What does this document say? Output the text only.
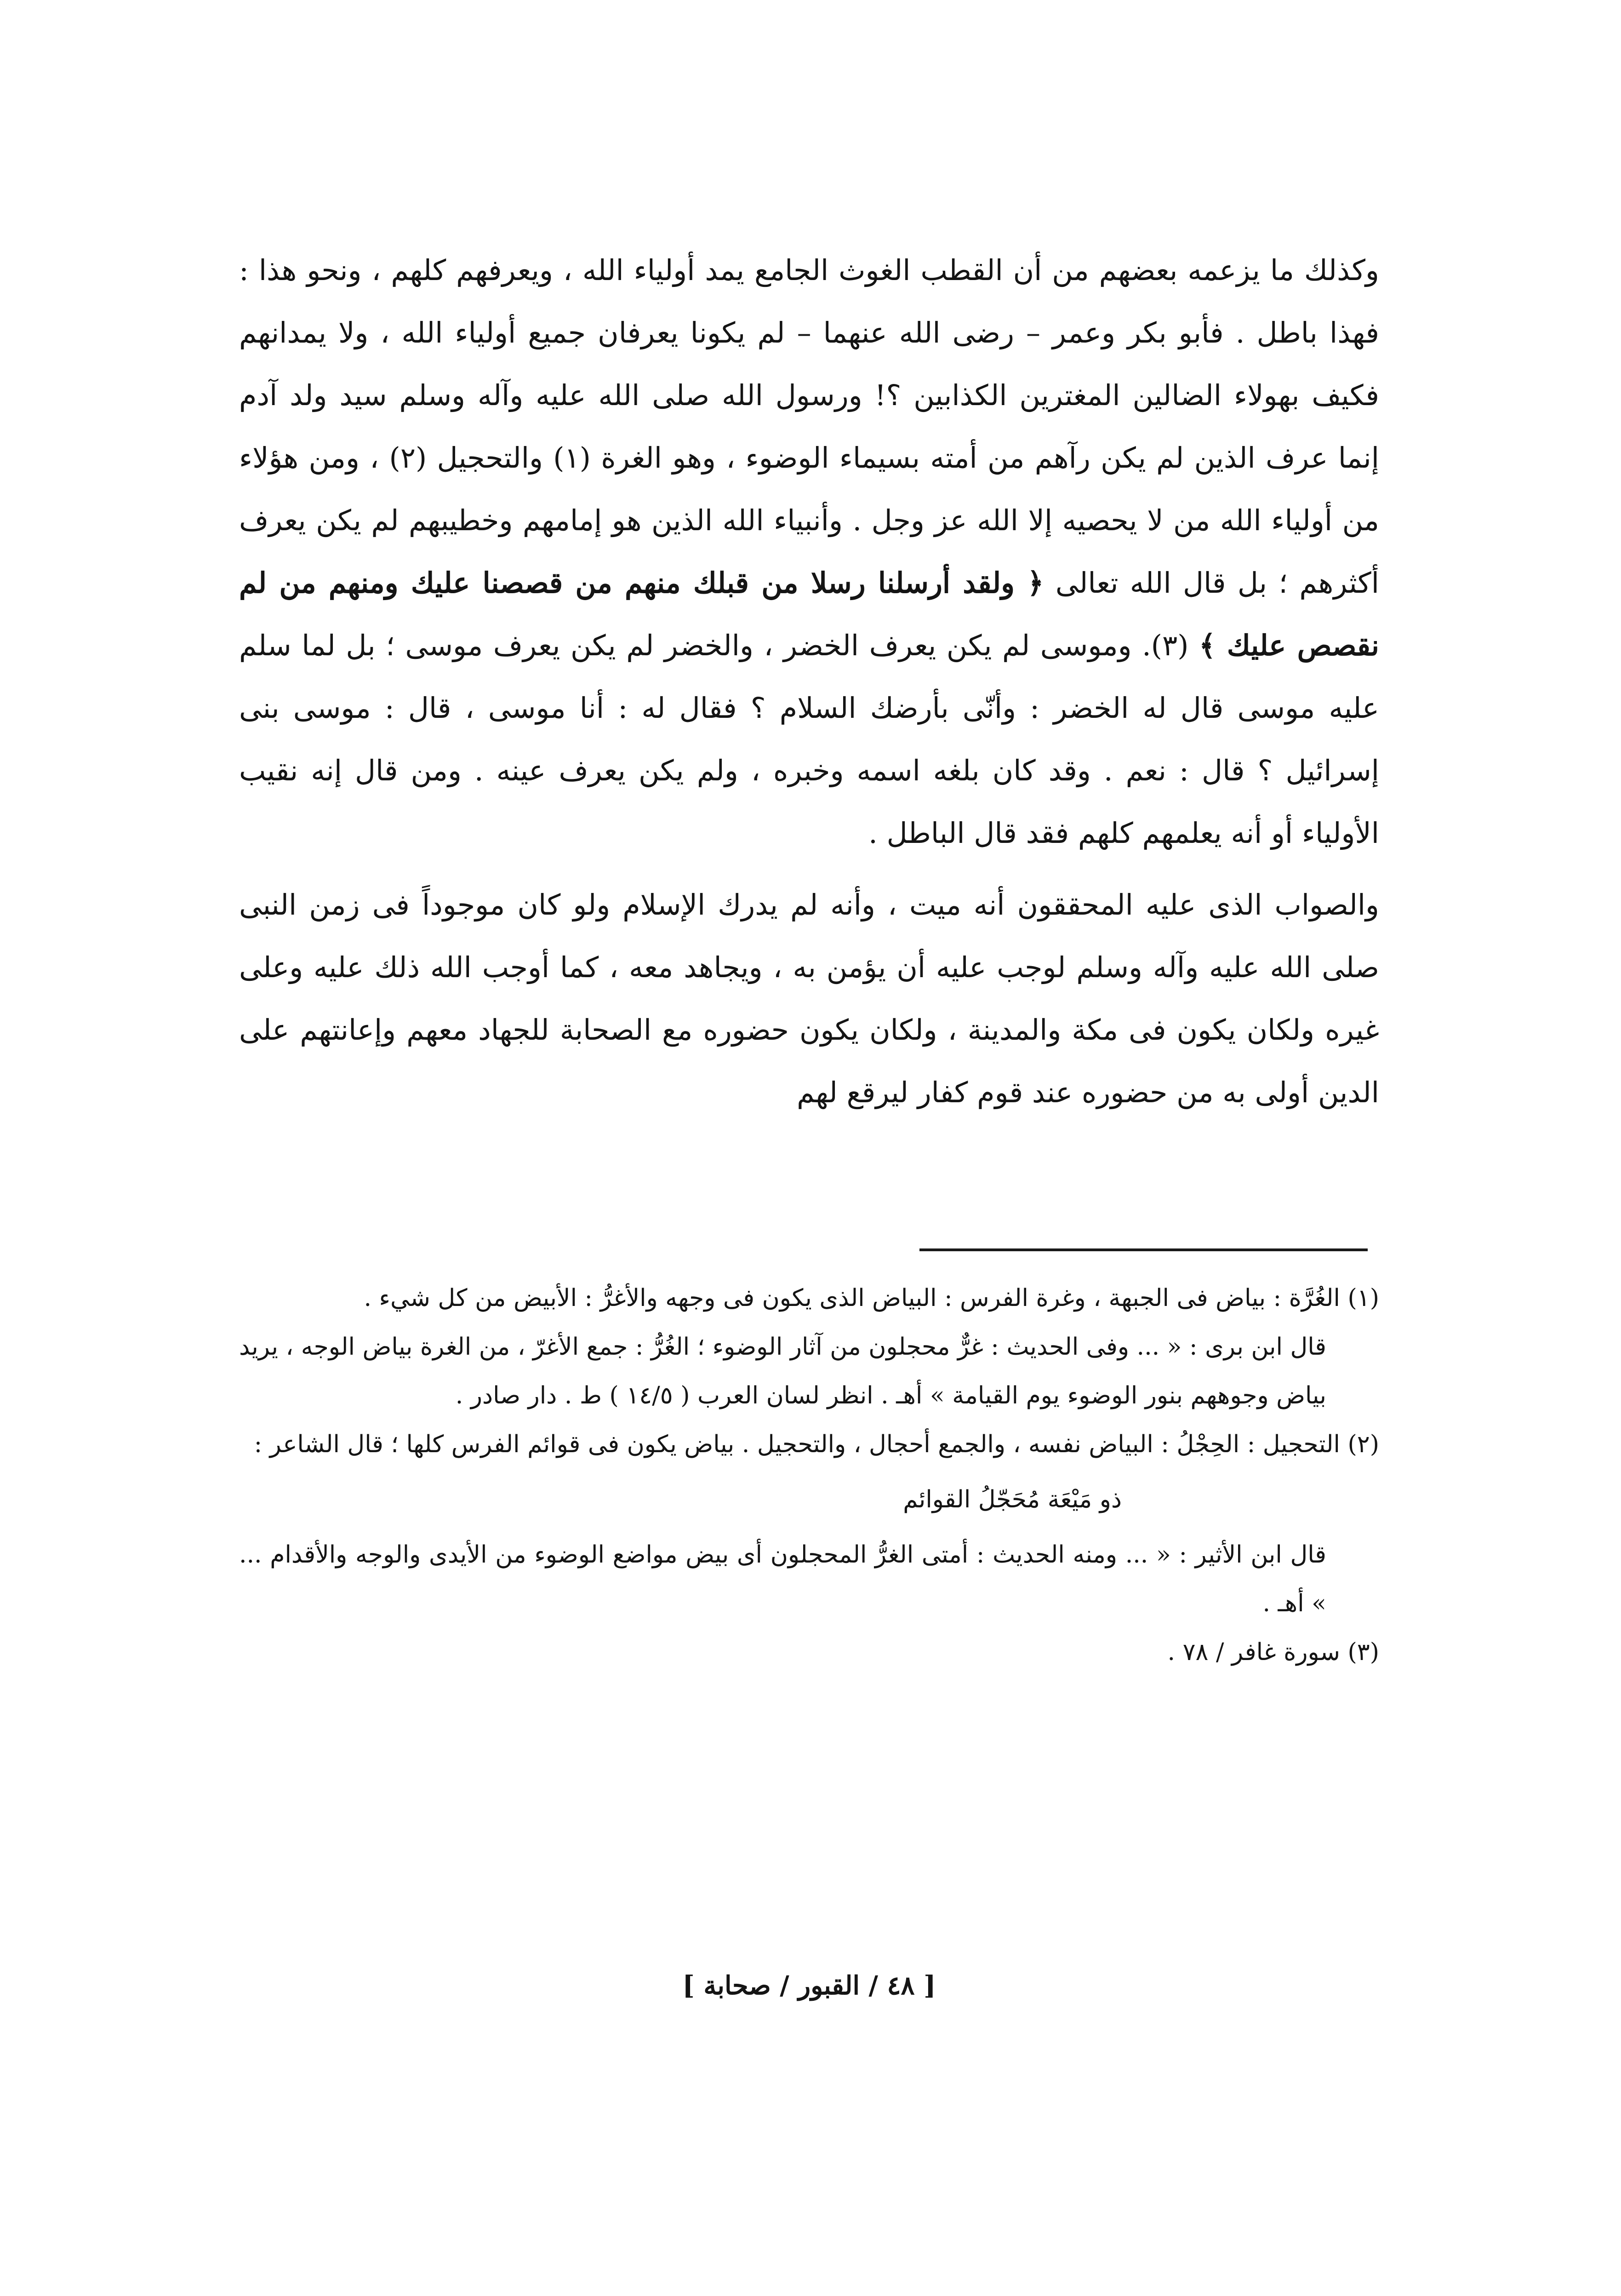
وكذلك ما يزعمه بعضهم من أن القطب الغوث الجامع يمد أولياء الله ، ويعرفهم كلهم ، ونحو هذا : فهذا باطل . فأبو بكر وعمر – رضى الله عنهما – لم يكونا يعرفان جميع أولياء الله ، ولا يمدانهم فكيف بهولاء الضالين المغترين الكذابين ؟! ورسول الله صلى الله عليه وآله وسلم سيد ولد آدم إنما عرف الذين لم يكن رآهم من أمته بسيماء الوضوء ، وهو الغرة (١) والتحجيل (٢) ، ومن هؤلاء من أولياء الله من لا يحصيه إلا الله عز وجل . وأنبياء الله الذين هو إمامهم وخطيبهم لم يكن يعرف أكثرهم ؛ بل قال الله تعالى ﴿ ولقد أرسلنا رسلا من قبلك منهم من قصصنا عليك ومنهم من لم نقصص عليك ﴾ (٣). وموسى لم يكن يعرف الخضر ، والخضر لم يكن يعرف موسى ؛ بل لما سلم عليه موسى قال له الخضر : وأنّى بأرضك السلام ؟ فقال له : أنا موسى ، قال : موسى بنى إسرائيل ؟ قال : نعم . وقد كان بلغه اسمه وخبره ، ولم يكن يعرف عينه . ومن قال إنه نقيب الأولياء أو أنه يعلمهم كلهم فقد قال الباطل .
والصواب الذى عليه المحققون أنه ميت ، وأنه لم يدرك الإسلام ولو كان موجوداً فى زمن النبى صلى الله عليه وآله وسلم لوجب عليه أن يؤمن به ، ويجاهد معه ، كما أوجب الله ذلك عليه وعلى غيره ولكان يكون فى مكة والمدينة ، ولكان يكون حضوره مع الصحابة للجهاد معهم وإعانتهم على الدين أولى به من حضوره عند قوم كفار ليرقع لهم
(١) الغُرَّة : بياض فى الجبهة ، وغرة الفرس : البياض الذى يكون فى وجهه والأغرُّ : الأبيض من كل شيء .
قال ابن برى : « ... وفى الحديث : غرٌّ محجلون من آثار الوضوء ؛ الغُرُّ : جمع الأغرّ ، من الغرة بياض الوجه ، يريد بياض وجوههم بنور الوضوء يوم القيامة » أهـ . انظر لسان العرب ( ١٤/٥ ) ط . دار صادر .
(٢) التحجيل : الحِجْلُ : البياض نفسه ، والجمع أحجال ، والتحجيل . بياض يكون فى قوائم الفرس كلها ؛ قال الشاعر :
ذو مَيْعَة مُحَجّلُ القوائم
قال ابن الأثير : « ... ومنه الحديث : أمتى الغرُّ المحجلون أى بيض مواضع الوضوء من الأيدى والوجه والأقدام ... » أهـ .
(٣) سورة غافر / ٧٨ .
[ ٤٨ / القبور / صحابة ]
